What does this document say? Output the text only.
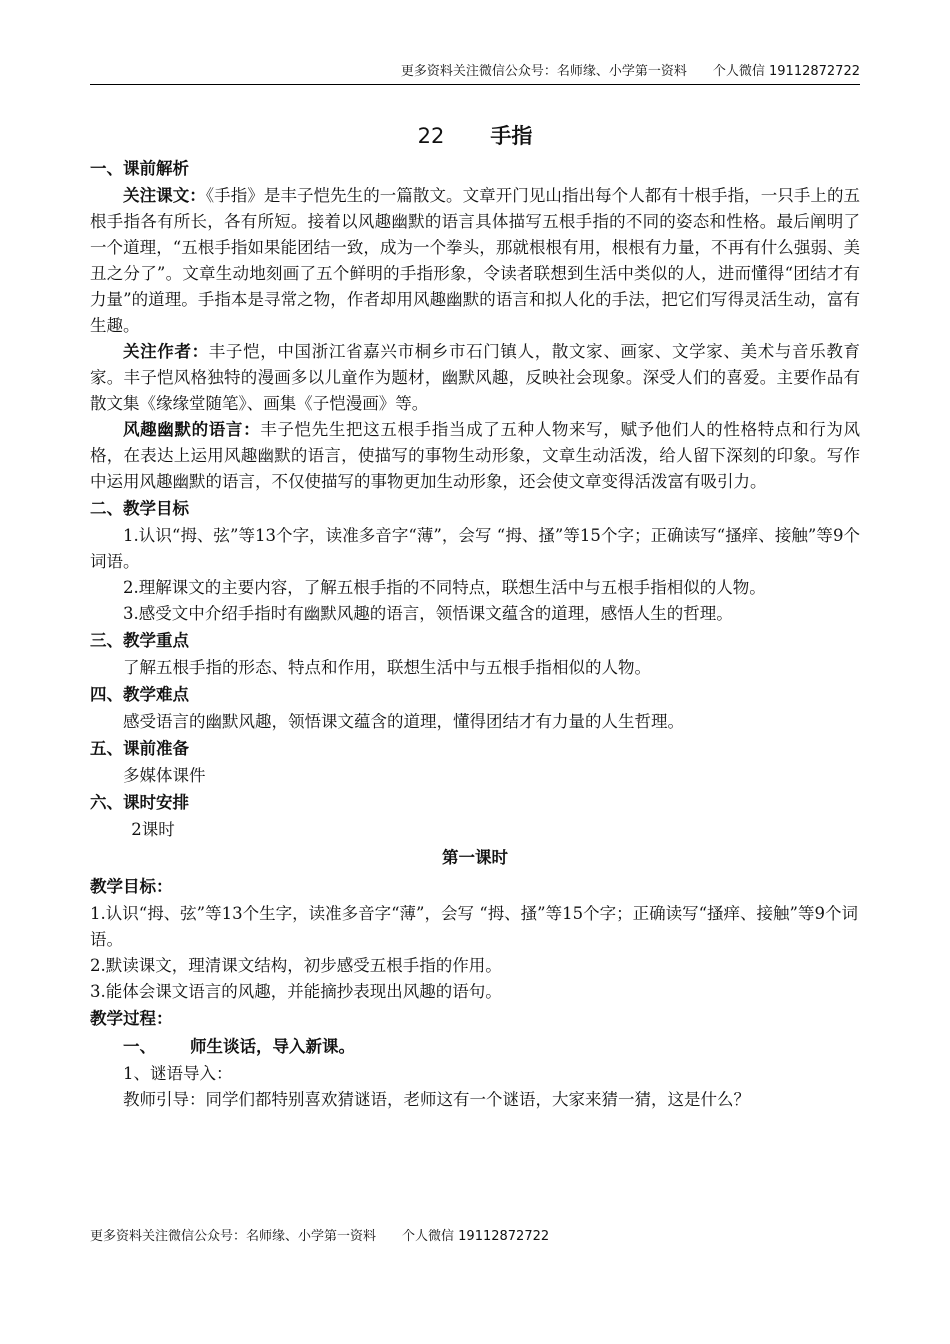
更多资料关注微信公众号：名师缘、小学第一资料 个人微信 19112872722
22 手指
一、课前解析

关注课文：《手指》是丰子恺先生的一篇散文。文章开门见山指出每个人都有十根手指，一只手上的五根手指各有所长，各有所短。接着以风趣幽默的语言具体描写五根手指的不同的姿态和性格。最后阐明了一个道理，“五根手指如果能团结一致，成为一个拳头，那就根根有用，根根有力量，不再有什么强弱、美丑之分了”。文章生动地刻画了五个鲜明的手指形象，令读者联想到生活中类似的人，进而懂得“团结才有力量”的道理。手指本是寻常之物，作者却用风趣幽默的语言和拟人化的手法，把它们写得灵活生动，富有生趣。

关注作者：丰子恺，中国浙江省嘉兴市桐乡市石门镇人，散文家、画家、文学家、美术与音乐教育家。丰子恺风格独特的漫画多以儿童作为题材，幽默风趣，反映社会现象。深受人们的喜爱。主要作品有散文集《缘缘堂随笔》、画集《子恺漫画》等。

风趣幽默的语言：丰子恺先生把这五根手指当成了五种人物来写，赋予他们人的性格特点和行为风格，在表达上运用风趣幽默的语言，使描写的事物生动形象，文章生动活泼，给人留下深刻的印象。写作中运用风趣幽默的语言，不仅使描写的事物更加生动形象，还会使文章变得活泼富有吸引力。

二、教学目标

1.认识“拇、弦”等13个字，读准多音字“薄”，会写 “拇、搔”等15个字；正确读写“搔痒、接触”等9个词语。

2.理解课文的主要内容，了解五根手指的不同特点，联想生活中与五根手指相似的人物。

3.感受文中介绍手指时有幽默风趣的语言，领悟课文蕴含的道理，感悟人生的哲理。

三、教学重点

了解五根手指的形态、特点和作用，联想生活中与五根手指相似的人物。

四、教学难点

感受语言的幽默风趣，领悟课文蕴含的道理，懂得团结才有力量的人生哲理。

五、课前准备

多媒体课件

六、课时安排

2课时

第一课时
教学目标：

1.认识“拇、弦”等13个生字，读准多音字“薄”，会写 “拇、搔”等15个字；正确读写“搔痒、接触”等9个词语。

2.默读课文，理清课文结构，初步感受五根手指的作用。

3.能体会课文语言的风趣，并能摘抄表现出风趣的语句。

教学过程：
一、 师生谈话，导入新课。

1、谜语导入：

教师引导：同学们都特别喜欢猜谜语，老师这有一个谜语，大家来猜一猜，这是什么？

更多资料关注微信公众号：名师缘、小学第一资料 个人微信 19112872722
